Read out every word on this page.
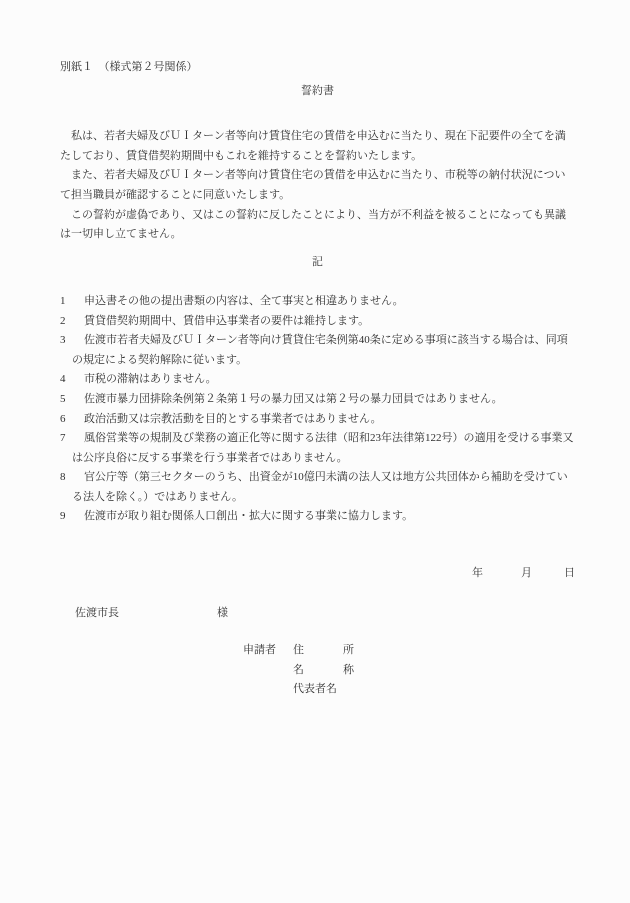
別紙１　（様式第２号関係）
誓約書
私は、若者夫婦及びＵＩターン者等向け賃貸住宅の賃借を申込むに当たり、現在下記要件の全てを満
たしており、賃貸借契約期間中もこれを維持することを誓約いたします。
また、若者夫婦及びＵＩターン者等向け賃貸住宅の賃借を申込むに当たり、市税等の納付状況につい
て担当職員が確認することに同意いたします。
この誓約が虚偽であり、又はこの誓約に反したことにより、当方が不利益を被ることになっても異議
は一切申し立てません。
記
1 申込書その他の提出書類の内容は、全て事実と相違ありません。
2 賃貸借契約期間中、賃借申込事業者の要件は維持します。
3 佐渡市若者夫婦及びＵＩターン者等向け賃貸住宅条例第40条に定める事項に該当する場合は、同項
の規定による契約解除に従います。
4 市税の滞納はありません。
5 佐渡市暴力団排除条例第２条第１号の暴力団又は第２号の暴力団員ではありません。
6 政治活動又は宗教活動を目的とする事業者ではありません。
7 風俗営業等の規制及び業務の適正化等に関する法律（昭和23年法律第122号）の適用を受ける事業又
は公序良俗に反する事業を行う事業者ではありません。
8 官公庁等（第三セクターのうち、出資金が10億円未満の法人又は地方公共団体から補助を受けてい
る法人を除く。）ではありません。
9 佐渡市が取り組む関係人口創出・拡大に関する事業に協力します。
年	月	日
佐渡市長	様
申請者 住	所
名	称
代表者名
